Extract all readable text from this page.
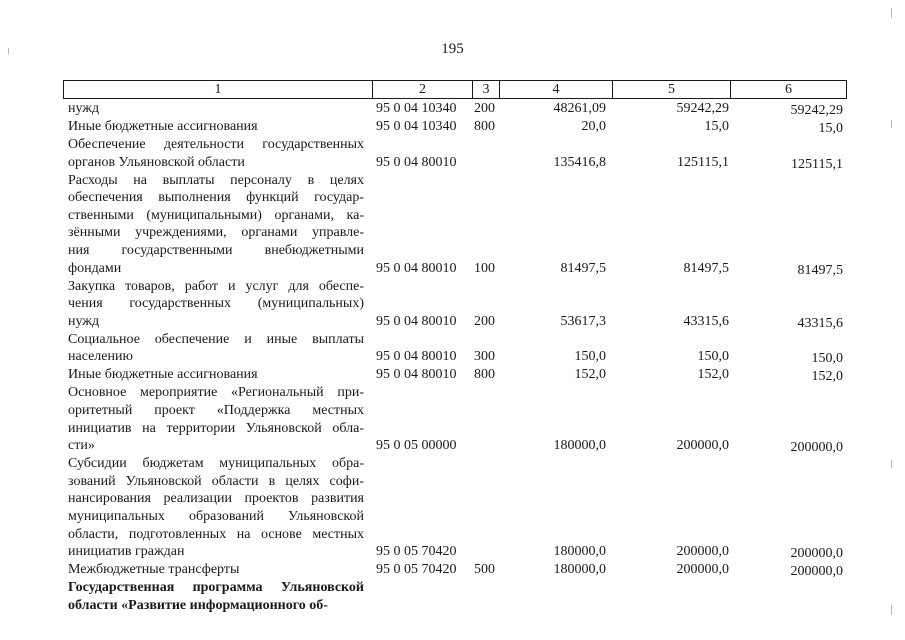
195
1	2	3	4	5	6
нужд	95 0 04 10340 200	48261,09	59242,29	59242,29
Иные бюджетные ассигнования	95 0 04 10340 800	20,0	15,0	15,0
Обеспечение деятельности государственных
органов Ульяновской области	95 0 04 80010	135416,8	125115,1	125115,1
Расходы на выплаты персоналу в целях
обеспечения выполнения функций государ-
ственными (муниципальными) органами, ка-
зёнными учреждениями, органами управле-
ния государственными внебюджетными
фондами	95 0 04 80010 100	81497,5	81497,5	81497,5
Закупка товаров, работ и услуг для обеспе-
чения государственных (муниципальных)
нужд	95 0 04 80010 200	53617,3	43315,6	43315,6
Социальное обеспечение и иные выплаты
населению	95 0 04 80010 300	150,0	150,0	150,0
Иные бюджетные ассигнования	95 0 04 80010 800	152,0	152,0	152,0
Основное мероприятие «Региональный при-
оритетный проект «Поддержка местных
инициатив на территории Ульяновской обла-
сти»	95 0 05 00000	180000,0	200000,0	200000,0
Субсидии бюджетам муниципальных обра-
зований Ульяновской области в целях софи-
нансирования реализации проектов развития
муниципальных образований Ульяновской
области, подготовленных на основе местных
инициатив граждан	95 0 05 70420	180000,0	200000,0	200000,0
Межбюджетные трансферты	95 0 05 70420 500	180000,0	200000,0	200000,0
Государственная программа Ульяновской
области «Развитие информационного об-
